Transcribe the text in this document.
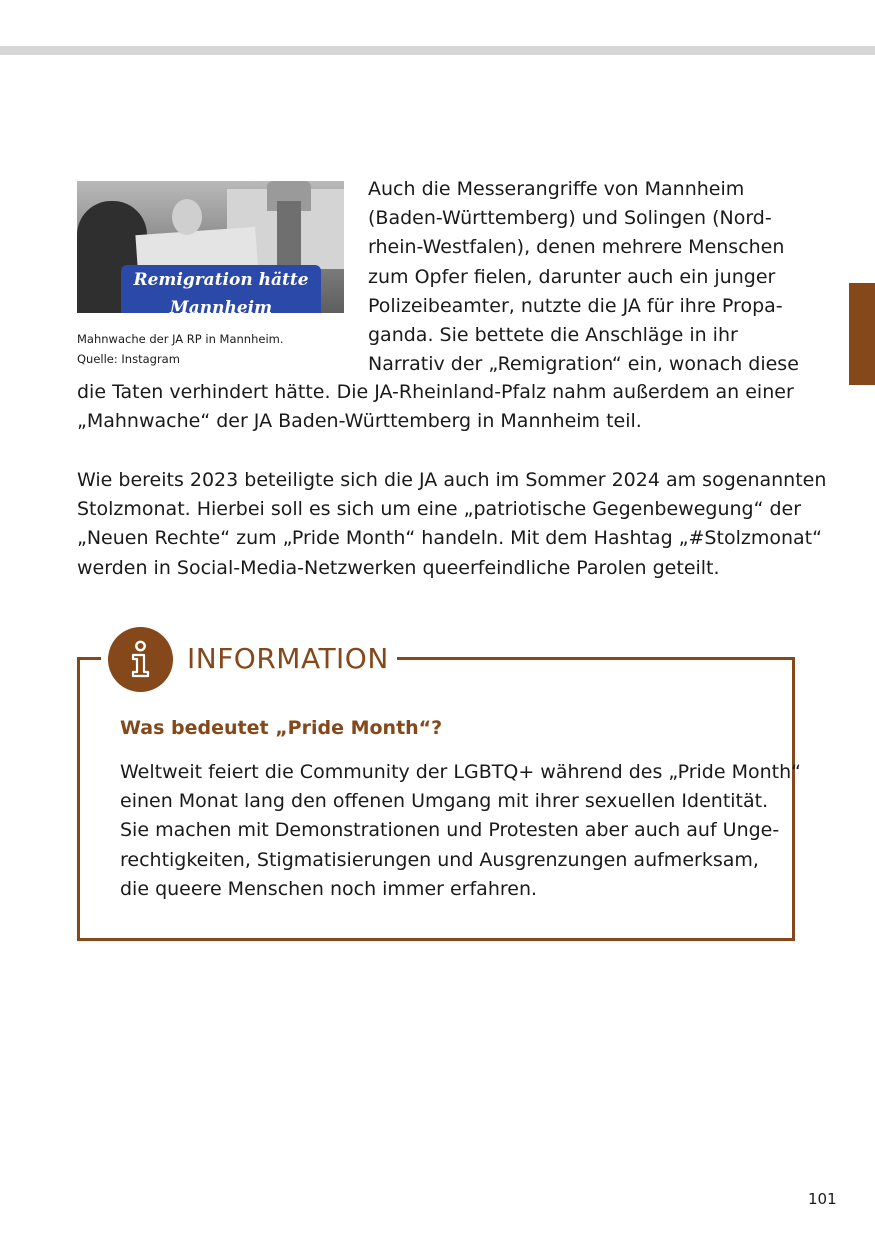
Remigration hätte
Mannheim
Mahnwache der JA RP in Mannheim.
Quelle: Instagram
Auch die Messerangriffe von Mannheim
(Baden-Württemberg) und Solingen (Nord-
rhein-Westfalen), denen mehrere Menschen
zum Opfer fielen, darunter auch ein junger
Polizeibeamter, nutzte die JA für ihre Propa-
ganda. Sie bettete die Anschläge in ihr
Narrativ der „Remigration“ ein, wonach diese
die Taten verhindert hätte. Die JA-Rheinland-Pfalz nahm außerdem an einer
„Mahnwache“ der JA Baden-Württemberg in Mannheim teil.
Wie bereits 2023 beteiligte sich die JA auch im Sommer 2024 am sogenannten
Stolzmonat. Hierbei soll es sich um eine „patriotische Gegenbewegung“ der
„Neuen Rechte“ zum „Pride Month“ handeln. Mit dem Hashtag „#Stolzmonat“
werden in Social-Media-Netzwerken queerfeindliche Parolen geteilt.
INFORMATION
Was bedeutet „Pride Month“?
Weltweit feiert die Community der LGBTQ+ während des „Pride Month“
einen Monat lang den offenen Umgang mit ihrer sexuellen Identität.
Sie machen mit Demonstrationen und Protesten aber auch auf Unge-
rechtigkeiten, Stigmatisierungen und Ausgrenzungen aufmerksam,
die queere Menschen noch immer erfahren.
101
